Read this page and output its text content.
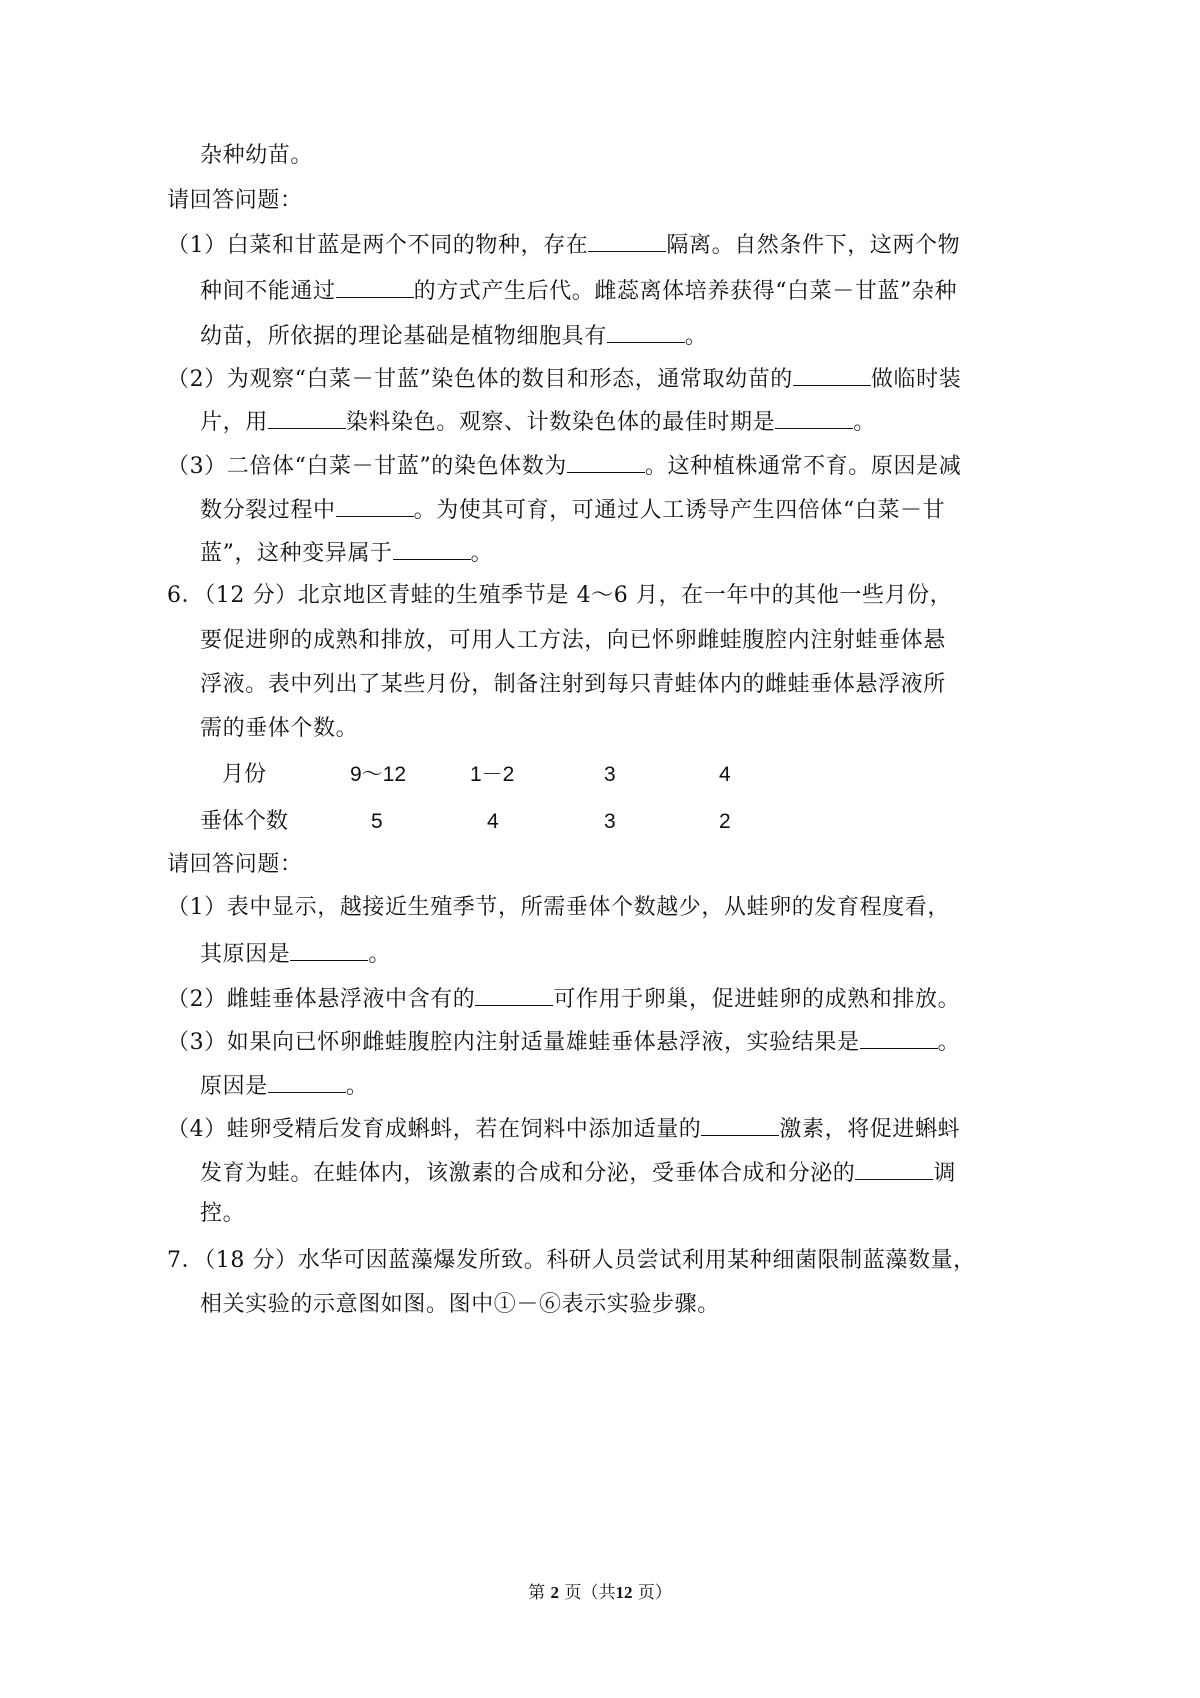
杂种幼苗。
请回答问题：
（1）白菜和甘蓝是两个不同的物种，存在	隔离。自然条件下，这两个物
种间不能通过	的方式产生后代。雌蕊离体培养获得“白菜－甘蓝”杂种
幼苗，所依据的理论基础是植物细胞具有	。
（2）为观察“白菜－甘蓝”染色体的数目和形态，通常取幼苗的	做临时装
片，用	染料染色。观察、计数染色体的最佳时期是	。
（3）二倍体“白菜－甘蓝”的染色体数为	。这种植株通常不育。原因是减
数分裂过程中	。为使其可育，可通过人工诱导产生四倍体“白菜－甘
蓝”，这种变异属于	。
6．（12 分）北京地区青蛙的生殖季节是 4～6 月，在一年中的其他一些月份，
要促进卵的成熟和排放，可用人工方法，向已怀卵雌蛙腹腔内注射蛙垂体悬
浮液。表中列出了某些月份，制备注射到每只青蛙体内的雌蛙垂体悬浮液所
需的垂体个数。
月份	9～12	1－2	3	4
垂体个数	5	4	3	2
请回答问题：
（1）表中显示，越接近生殖季节，所需垂体个数越少，从蛙卵的发育程度看，
其原因是	。
（2）雌蛙垂体悬浮液中含有的	可作用于卵巢，促进蛙卵的成熟和排放。
（3）如果向已怀卵雌蛙腹腔内注射适量雄蛙垂体悬浮液，实验结果是	。
原因是	。
（4）蛙卵受精后发育成蝌蚪，若在饲料中添加适量的	激素，将促进蝌蚪
发育为蛙。在蛙体内，该激素的合成和分泌，受垂体合成和分泌的	调
控。
7．（18 分）水华可因蓝藻爆发所致。科研人员尝试利用某种细菌限制蓝藻数量，
相关实验的示意图如图。图中①－⑥表示实验步骤。
第 2 页（共12 页）
